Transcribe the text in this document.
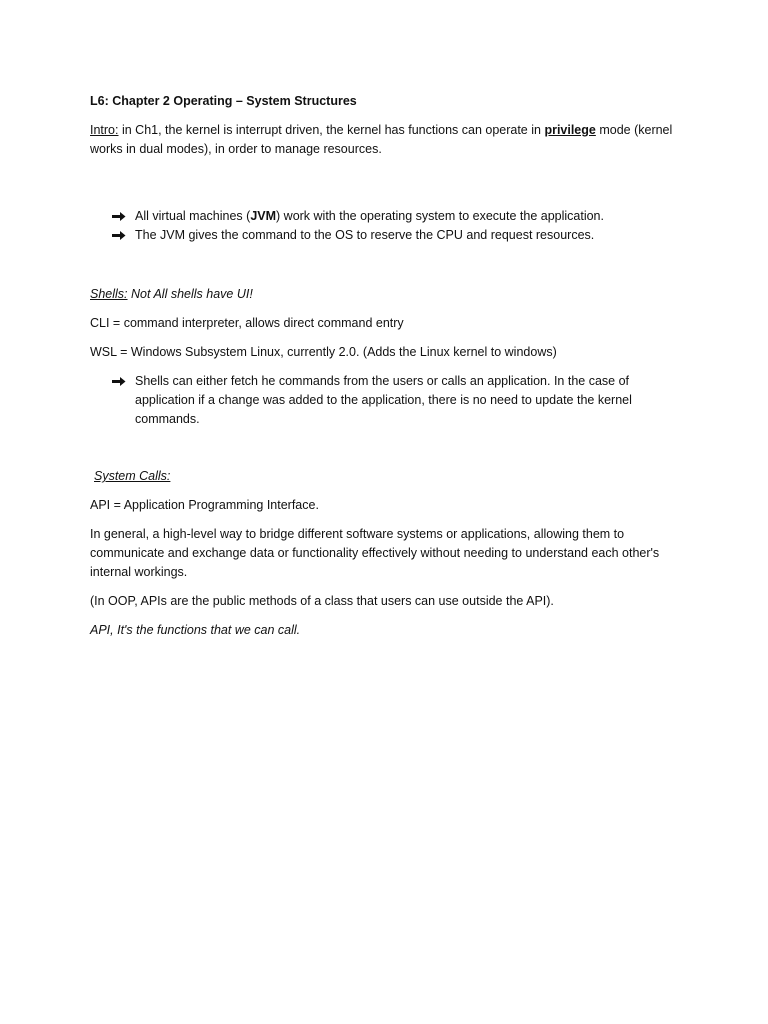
L6: Chapter 2 Operating – System Structures

Intro: in Ch1, the kernel is interrupt driven, the kernel has functions can operate in privilege mode (kernel works in dual modes), in order to manage resources.

All virtual machines (JVM) work with the operating system to execute the application.
The JVM gives the command to the OS to reserve the CPU and request resources.

Shells: Not All shells have UI!

CLI = command interpreter, allows direct command entry

WSL = Windows Subsystem Linux, currently 2.0. (Adds the Linux kernel to windows)

Shells can either fetch he commands from the users or calls an application. In the case of application if a change was added to the application, there is no need to update the kernel commands.

System Calls:

API = Application Programming Interface.

In general, a high-level way to bridge different software systems or applications, allowing them to communicate and exchange data or functionality effectively without needing to understand each other's internal workings.

(In OOP, APIs are the public methods of a class that users can use outside the API).

API, It's the functions that we can call.
